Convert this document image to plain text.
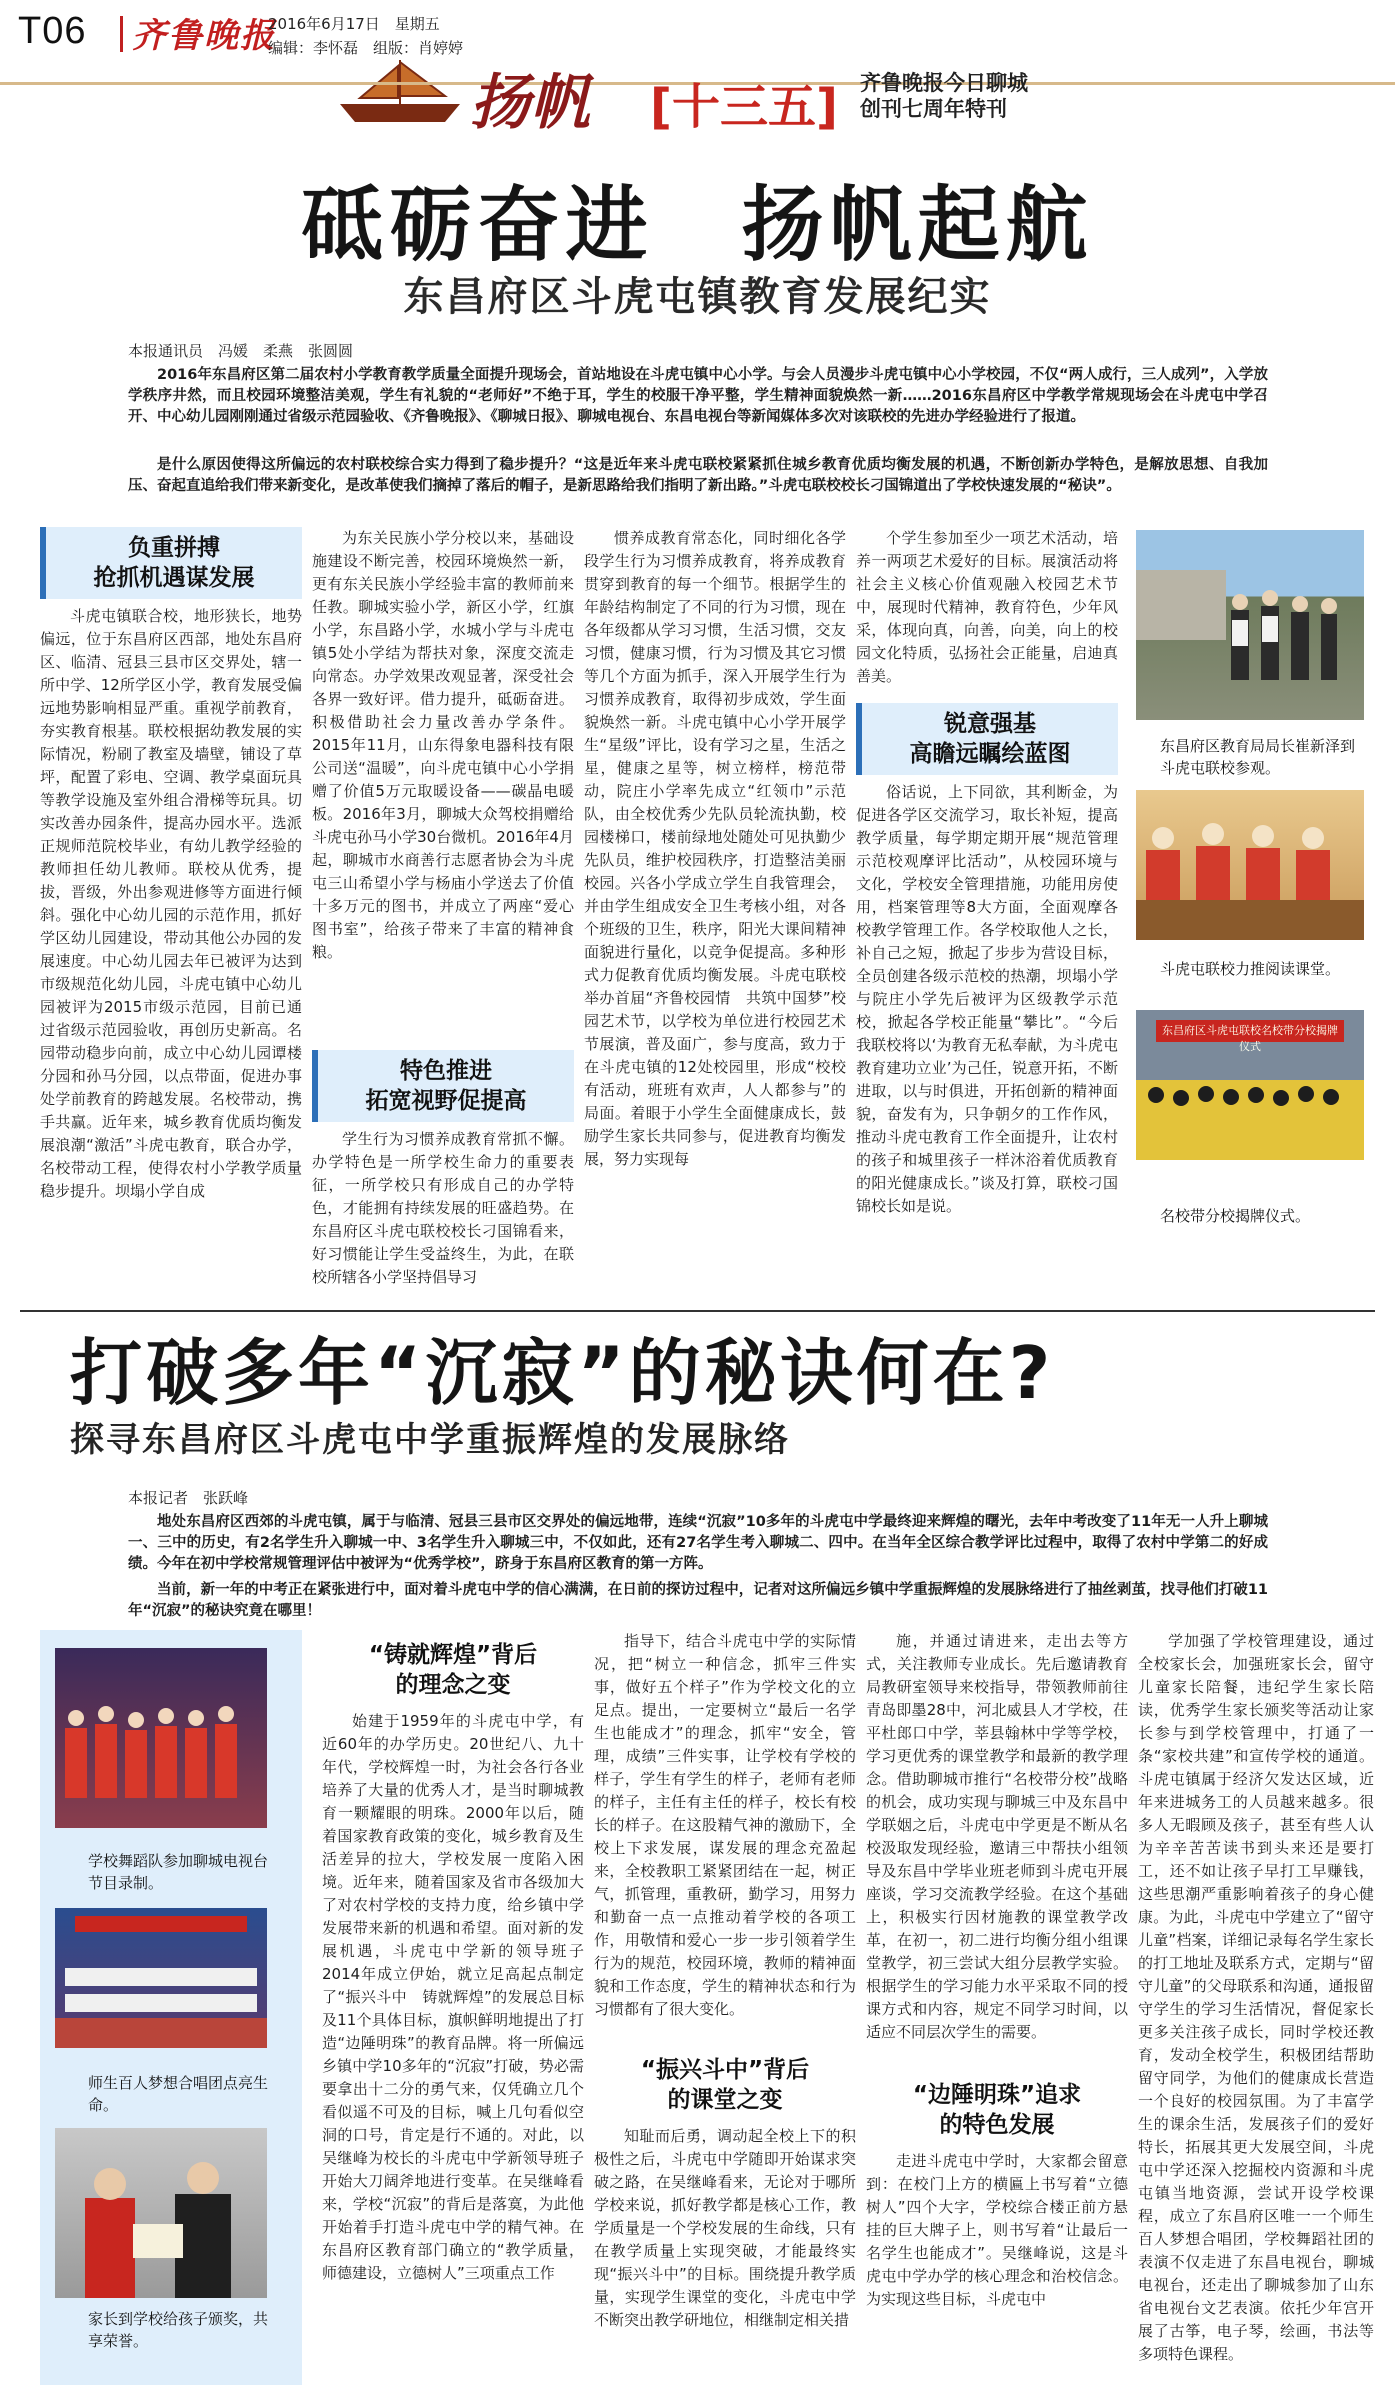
T06 齐鲁晚报
2016年6月17日　星期五
编辑：李怀磊　组版：肖婷婷
扬帆 [十三五] 齐鲁晚报今日聊城
创刊七周年特刊
砥砺奋进　扬帆起航
东昌府区斗虎屯镇教育发展纪实
本报通讯员　冯媛　柔燕　张圆圆
2016年东昌府区第二届农村小学教育教学质量全面提升现场会，首站地设在斗虎屯镇中心小学。与会人员漫步斗虎屯镇中心小学校园，不仅“两人成行，三人成列”，入学放学秩序井然，而且校园环境整洁美观，学生有礼貌的“老师好”不绝于耳，学生的校服干净平整，学生精神面貌焕然一新……2016东昌府区中学教学常规现场会在斗虎屯中学召开、中心幼儿园刚刚通过省级示范园验收、《齐鲁晚报》、《聊城日报》、聊城电视台、东昌电视台等新闻媒体多次对该联校的先进办学经验进行了报道。
是什么原因使得这所偏远的农村联校综合实力得到了稳步提升？“这是近年来斗虎屯联校紧紧抓住城乡教育优质均衡发展的机遇，不断创新办学特色，是解放思想、自我加压、奋起直追给我们带来新变化，是改革使我们摘掉了落后的帽子，是新思路给我们指明了新出路。”斗虎屯联校校长刁国锦道出了学校快速发展的“秘诀”。
负重拼搏
抢抓机遇谋发展

斗虎屯镇联合校，地形狭长，地势偏远，位于东昌府区西部，地处东昌府区、临清、冠县三县市区交界处，辖一所中学、12所学区小学，教育发展受偏远地势影响相显严重。重视学前教育，夯实教育根基。联校根据幼教发展的实际情况，粉刷了教室及墙壁，铺设了草坪，配置了彩电、空调、教学桌面玩具等教学设施及室外组合滑梯等玩具。切实改善办园条件，提高办园水平。选派正规师范院校毕业，有幼儿教学经验的教师担任幼儿教师。联校从优秀，提拔，晋级，外出参观进修等方面进行倾斜。强化中心幼儿园的示范作用，抓好学区幼儿园建设，带动其他公办园的发展速度。中心幼儿园去年已被评为达到市级规范化幼儿园，斗虎屯镇中心幼儿园被评为2015市级示范园，目前已通过省级示范园验收，再创历史新高。名园带动稳步向前，成立中心幼儿园谭楼分园和孙马分园，以点带面，促进办事处学前教育的跨越发展。名校带动，携手共赢。近年来，城乡教育优质均衡发展浪潮“激活”斗虎屯教育，联合办学，名校带动工程，使得农村小学教学质量稳步提升。坝塌小学自成

为东关民族小学分校以来，基础设施建设不断完善，校园环境焕然一新，更有东关民族小学经验丰富的教师前来任教。聊城实验小学，新区小学，红旗小学，东昌路小学，水城小学与斗虎屯镇5处小学结为帮扶对象，深度交流走向常态。办学效果改观显著，深受社会各界一致好评。借力提升，砥砺奋进。积极借助社会力量改善办学条件。2015年11月，山东得象电器科技有限公司送“温暖”，向斗虎屯镇中心小学捐赠了价值5万元取暖设备——碳晶电暖板。2016年3月，聊城大众驾校捐赠给斗虎屯孙马小学30台微机。2016年4月起，聊城市水商善行志愿者协会为斗虎屯三山希望小学与杨庙小学送去了价值十多万元的图书，并成立了两座“爱心图书室”，给孩子带来了丰富的精神食粮。

特色推进
拓宽视野促提高

学生行为习惯养成教育常抓不懈。办学特色是一所学校生命力的重要表征，一所学校只有形成自己的办学特色，才能拥有持续发展的旺盛趋势。在东昌府区斗虎屯联校校长刁国锦看来，好习惯能让学生受益终生，为此，在联校所辖各小学坚持倡导习

惯养成教育常态化，同时细化各学段学生行为习惯养成教育，将养成教育贯穿到教育的每一个细节。根据学生的年龄结构制定了不同的行为习惯，现在各年级都从学习习惯，生活习惯，交友习惯，健康习惯，行为习惯及其它习惯等几个方面为抓手，深入开展学生行为习惯养成教育，取得初步成效，学生面貌焕然一新。斗虎屯镇中心小学开展学生“星级”评比，设有学习之星，生活之星，健康之星等，树立榜样，榜范带动，院庄小学率先成立“红领巾”示范队，由全校优秀少先队员轮流执勤，校园楼梯口，楼前绿地处随处可见执勤少先队员，维护校园秩序，打造整洁美丽校园。兴各小学成立学生自我管理会，并由学生组成安全卫生考核小组，对各个班级的卫生，秩序，阳光大课间精神面貌进行量化，以竞争促提高。多种形式力促教育优质均衡发展。斗虎屯联校举办首届“齐鲁校园情　共筑中国梦”校园艺术节，以学校为单位进行校园艺术节展演，普及面广，参与度高，致力于在斗虎屯镇的12处校园里，形成“校校有活动，班班有欢声，人人都参与”的局面。着眼于小学生全面健康成长，鼓励学生家长共同参与，促进教育均衡发展，努力实现每

个学生参加至少一项艺术活动，培养一两项艺术爱好的目标。展演活动将社会主义核心价值观融入校园艺术节中，展现时代精神，教育符色，少年风采，体现向真，向善，向美，向上的校园文化特质，弘扬社会正能量，启迪真善美。

锐意强基
高瞻远瞩绘蓝图

俗话说，上下同欲，其利断金，为促进各学区交流学习，取长补短，提高教学质量，每学期定期开展“规范管理示范校观摩评比活动”，从校园环境与文化，学校安全管理措施，功能用房使用，档案管理等8大方面，全面观摩各校教学管理工作。各学校取他人之长，补自己之短，掀起了步步为营设目标，全员创建各级示范校的热潮，坝塌小学与院庄小学先后被评为区级教学示范校，掀起各学校正能量“攀比”。“今后我联校将以‘为教育无私奉献，为斗虎屯教育建功立业’为己任，锐意开拓，不断进取，以与时俱进，开拓创新的精神面貌，奋发有为，只争朝夕的工作作风，推动斗虎屯教育工作全面提升，让农村的孩子和城里孩子一样沐浴着优质教育的阳光健康成长。”谈及打算，联校刁国锦校长如是说。

东昌府区教育局局长崔新泽到斗虎屯联校参观。
斗虎屯联校力推阅读课堂。
东昌府区斗虎屯联校名校带分校揭牌仪式
名校带分校揭牌仪式。
打破多年“沉寂”的秘诀何在?
探寻东昌府区斗虎屯中学重振辉煌的发展脉络
本报记者　张跃峰
地处东昌府区西郊的斗虎屯镇，属于与临清、冠县三县市区交界处的偏远地带，连续“沉寂”10多年的斗虎屯中学最终迎来辉煌的曙光，去年中考改变了11年无一人升上聊城一、三中的历史，有2名学生升入聊城一中、3名学生升入聊城三中，不仅如此，还有27名学生考入聊城二、四中。在当年全区综合教学评比过程中，取得了农村中学第二的好成绩。今年在初中学校常规管理评估中被评为“优秀学校”，跻身于东昌府区教育的第一方阵。
当前，新一年的中考正在紧张进行中，面对着斗虎屯中学的信心满满，在日前的探访过程中，记者对这所偏远乡镇中学重振辉煌的发展脉络进行了抽丝剥茧，找寻他们打破11年“沉寂”的秘诀究竟在哪里！
学校舞蹈队参加聊城电视台节目录制。
师生百人梦想合唱团点亮生命。
家长到学校给孩子颁奖，共享荣誉。
“铸就辉煌”背后
的理念之变

始建于1959年的斗虎屯中学，有近60年的办学历史。20世纪八、九十年代，学校辉煌一时，为社会各行各业培养了大量的优秀人才，是当时聊城教育一颗耀眼的明珠。2000年以后，随着国家教育政策的变化，城乡教育及生活差异的拉大，学校发展一度陷入困境。近年来，随着国家及省市各级加大了对农村学校的支持力度，给乡镇中学发展带来新的机遇和希望。面对新的发展机遇，斗虎屯中学新的领导班子2014年成立伊始，就立足高起点制定了“振兴斗中　铸就辉煌”的发展总目标及11个具体目标，旗帜鲜明地提出了打造“边陲明珠”的教育品牌。将一所偏远乡镇中学10多年的“沉寂”打破，势必需要拿出十二分的勇气来，仅凭确立几个看似遥不可及的目标，喊上几句看似空洞的口号，肯定是行不通的。对此，以吴继峰为校长的斗虎屯中学新领导班子开始大刀阔斧地进行变革。在吴继峰看来，学校“沉寂”的背后是落寞，为此他开始着手打造斗虎屯中学的精气神。在东昌府区教育部门确立的“教学质量，师德建设，立德树人”三项重点工作

指导下，结合斗虎屯中学的实际情况，把“树立一种信念，抓牢三件实事，做好五个样子”作为学校文化的立足点。提出，一定要树立“最后一名学生也能成才”的理念，抓牢“安全，管理，成绩”三件实事，让学校有学校的样子，学生有学生的样子，老师有老师的样子，主任有主任的样子，校长有校长的样子。在这股精气神的激励下，全校上下求发展，谋发展的理念充盈起来，全校教职工紧紧团结在一起，树正气，抓管理，重教研，勤学习，用努力和勤奋一点一点推动着学校的各项工作，用敬情和爱心一步一步引领着学生行为的规范，校园环境，教师的精神面貌和工作态度，学生的精神状态和行为习惯都有了很大变化。

“振兴斗中”背后
的课堂之变

知耻而后勇，调动起全校上下的积极性之后，斗虎屯中学随即开始谋求突破之路，在吴继峰看来，无论对于哪所学校来说，抓好教学都是核心工作，教学质量是一个学校发展的生命线，只有在教学质量上实现突破，才能最终实现“振兴斗中”的目标。围绕提升教学质量，实现学生课堂的变化，斗虎屯中学不断突出教学研地位，相继制定相关措

施，并通过请进来，走出去等方式，关注教师专业成长。先后邀请教育局教研室领导来校指导，带领教师前往青岛即墨28中，河北威县人才学校，茌平杜郎口中学，莘县翰林中学等学校，学习更优秀的课堂教学和最新的教学理念。借助聊城市推行“名校带分校”战略的机会，成功实现与聊城三中及东昌中学联姻之后，斗虎屯中学更是不断从名校汲取发现经验，邀请三中帮扶小组领导及东昌中学毕业班老师到斗虎屯开展座谈，学习交流教学经验。在这个基础上，积极实行因材施教的课堂教学改革，在初一，初二进行均衡分组小组课堂教学，初三尝试大组分层教学实验。根据学生的学习能力水平采取不同的授课方式和内容，规定不同学习时间，以适应不同层次学生的需要。

“边陲明珠”追求
的特色发展

走进斗虎屯中学时，大家都会留意到：在校门上方的横匾上书写着“立德树人”四个大字，学校综合楼正前方悬挂的巨大牌子上，则书写着“让最后一名学生也能成才”。吴继峰说，这是斗虎屯中学办学的核心理念和治校信念。为实现这些目标，斗虎屯中

学加强了学校管理建设，通过全校家长会，加强班家长会，留守儿童家长陪餐，违纪学生家长陪读，优秀学生家长颁奖等活动让家长参与到学校管理中，打通了一条“家校共建”和宣传学校的通道。斗虎屯镇属于经济欠发达区域，近年来进城务工的人员越来越多。很多人无暇顾及孩子，甚至有些人认为辛辛苦苦读书到头来还是要打工，还不如让孩子早打工早赚钱，这些思潮严重影响着孩子的身心健康。为此，斗虎屯中学建立了“留守儿童”档案，详细记录每名学生家长的打工地址及联系方式，定期与“留守儿童”的父母联系和沟通，通报留守学生的学习生活情况，督促家长更多关注孩子成长，同时学校还教育，发动全校学生，积极团结帮助留守同学，为他们的健康成长营造一个良好的校园氛围。为了丰富学生的课余生活，发展孩子们的爱好特长，拓展其更大发展空间，斗虎屯中学还深入挖掘校内资源和斗虎屯镇当地资源，尝试开设学校课程，成立了东昌府区唯一一个师生百人梦想合唱团，学校舞蹈社团的表演不仅走进了东昌电视台，聊城电视台，还走出了聊城参加了山东省电视台文艺表演。依托少年宫开展了古筝，电子琴，绘画，书法等多项特色课程。
